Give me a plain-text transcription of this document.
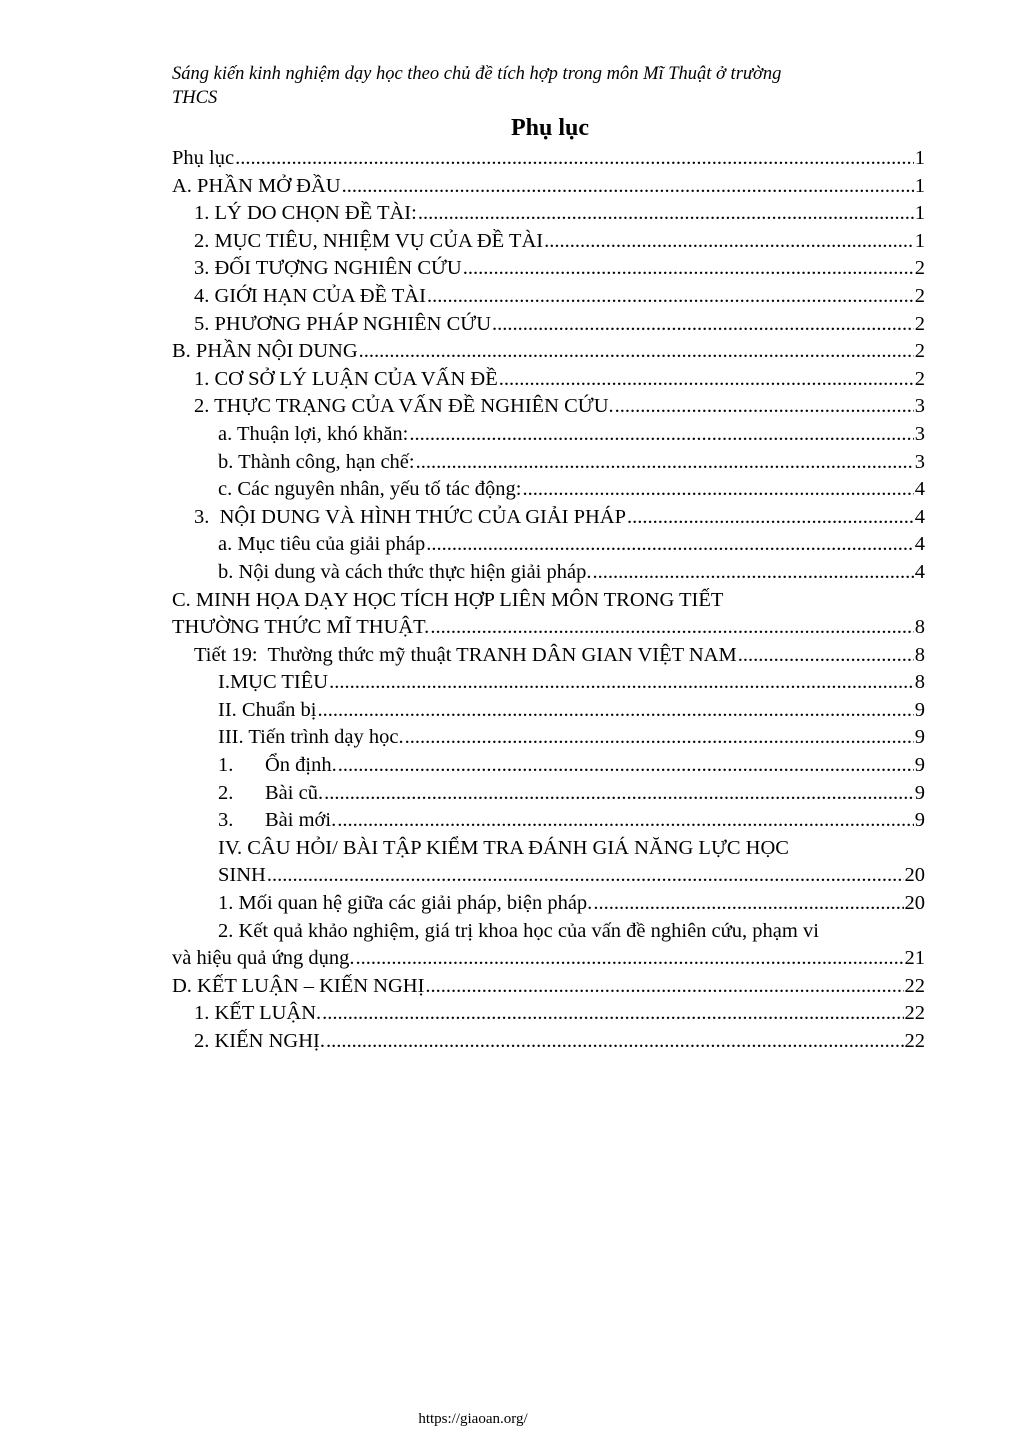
Sáng kiến kinh nghiệm dạy học theo chủ đề tích hợp trong môn Mĩ Thuật ở trường
THCS
Phụ lục
Phụ lục .....	1
A. PHẦN MỞ ĐẦU .....	1
1. LÝ DO CHỌN ĐỀ TÀI: .....	1
2. MỤC TIÊU, NHIỆM VỤ CỦA ĐỀ TÀI .....	1
3. ĐỐI TƯỢNG NGHIÊN CỨU .....	2
4. GIỚI HẠN CỦA ĐỀ TÀI .....	2
5. PHƯƠNG PHÁP NGHIÊN CỨU .....	2
B. PHẦN NỘI DUNG .....	2
1. CƠ SỞ LÝ LUẬN CỦA VẤN ĐỀ .....	2
2. THỰC TRẠNG CỦA VẤN ĐỀ NGHIÊN CỨU. .....	3
a. Thuận lợi, khó khăn: .....	3
b. Thành công, hạn chế: .....	3
c. Các nguyên nhân, yếu tố tác động: .....	4
3.  NỘI DUNG VÀ HÌNH THỨC CỦA GIẢI PHÁP .....	4
a. Mục tiêu của giải pháp .....	4
b. Nội dung và cách thức thực hiện giải pháp. .....	4
C. MINH HỌA DẠY HỌC TÍCH HỢP LIÊN MÔN TRONG TIẾT
THƯỜNG THỨC MĨ THUẬT. .....	8
Tiết 19:  Thường thức mỹ thuật TRANH DÂN GIAN VIỆT NAM .....	8
I.MỤC TIÊU .....	8
II. Chuẩn bị .....	9
III. Tiến trình dạy học. .....	9
1. Ổn định. .....	9
2. Bài cũ. .....	9
3. Bài mới. .....	9
IV. CÂU HỎI/ BÀI TẬP KIỂM TRA ĐÁNH GIÁ NĂNG LỰC HỌC
SINH .....	20
1. Mối quan hệ giữa các giải pháp, biện pháp. .....	20
2. Kết quả khảo nghiệm, giá trị khoa học của vấn đề nghiên cứu, phạm vi
và hiệu quả ứng dụng. .....	21
D. KẾT LUẬN – KIẾN NGHỊ .....	22
1. KẾT LUẬN. .....	22
2. KIẾN NGHỊ. .....	22
https://giaoan.org/
